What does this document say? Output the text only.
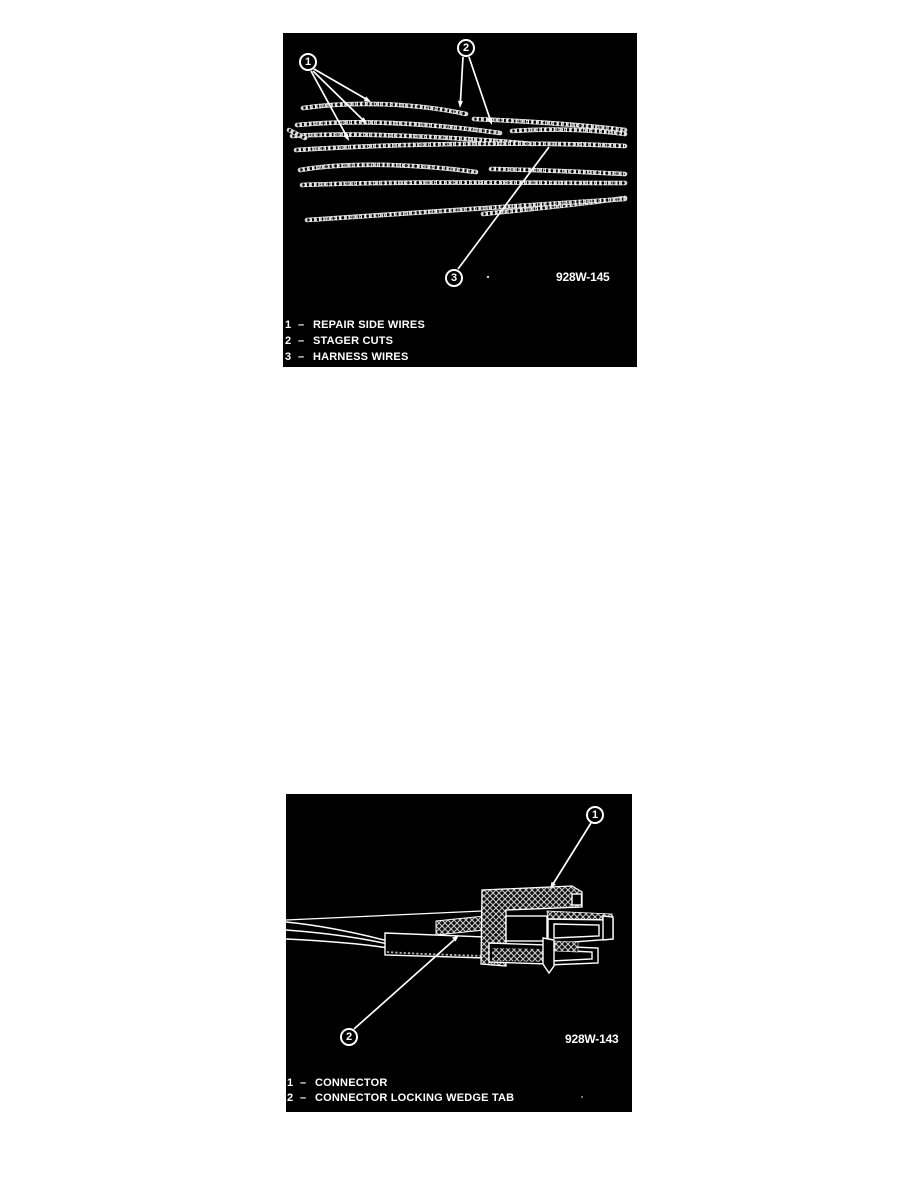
1
2
3	928W-145
1 – REPAIR SIDE WIRES
2 – STAGER CUTS
3 – HARNESS WIRES
1
2	928W-143
1 – CONNECTOR
2 – CONNECTOR LOCKING WEDGE TAB
